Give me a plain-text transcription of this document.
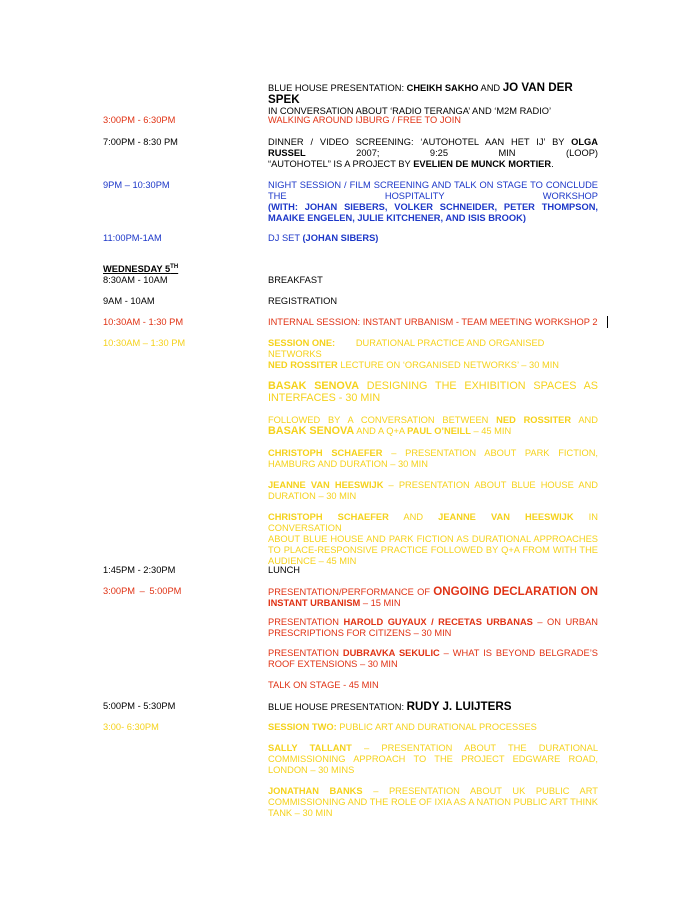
WEDNESDAY 5TH

BLUE HOUSE PRESENTATION: CHEIKH SAKHO AND JO VAN DER SPEK

IN CONVERSATION ABOUT ‘RADIO TERANGA’ AND ‘M2M RADIO’

3:00PM - 6:30PM	WALKING AROUND IJBURG / FREE TO JOIN

7:00PM - 8:30 PM	DINNER / VIDEO SCREENING: ‘AUTOHOTEL AAN HET IJ’ BY OLGA

RUSSEL 2007; 9:25 MIN (LOOP)

“AUTOHOTEL” IS A PROJECT BY EVELIEN DE MUNCK MORTIER.

9PM – 10:30PM	NIGHT SESSION / FILM SCREENING AND TALK ON STAGE TO CONCLUDE

THE HOSPITALITY WORKSHOP

(WITH: JOHAN SIEBERS, VOLKER SCHNEIDER, PETER THOMPSON,

MAAIKE ENGELEN, JULIE KITCHENER, AND ISIS BROOK)

11:00PM-1AM	DJ SET (JOHAN SIBERS)

8:30AM - 10AM	BREAKFAST

9AM - 10AM	REGISTRATION

10:30AM - 1:30 PM	INTERNAL SESSION: INSTANT URBANISM - TEAM MEETING WORKSHOP 2

10:30AM – 1:30 PM	SESSION ONE:        DURATIONAL PRACTICE AND ORGANISED NETWORKS

NED ROSSITER LECTURE ON ‘ORGANISED NETWORKS’ – 30 MIN

BASAK SENOVA DESIGNING THE EXHIBITION SPACES AS

INTERFACES - 30 MIN

FOLLOWED BY A CONVERSATION BETWEEN NED ROSSITER AND

BASAK SENOVA AND A Q+A PAUL O’NEILL – 45 MIN

CHRISTOPH SCHAEFER – PRESENTATION ABOUT PARK FICTION,

HAMBURG AND DURATION – 30 MIN

JEANNE VAN HEESWIJK – PRESENTATION ABOUT BLUE HOUSE AND

DURATION – 30 MIN

CHRISTOPH SCHAEFER AND JEANNE VAN HEESWIJK IN CONVERSATION

ABOUT BLUE HOUSE AND PARK FICTION AS DURATIONAL APPROACHES

TO PLACE-RESPONSIVE PRACTICE FOLLOWED BY Q+A FROM WITH THE

AUDIENCE – 45 MIN

1:45PM - 2:30PM	LUNCH

3:00PM – 5:00PM	PRESENTATION/PERFORMANCE OF ONGOING DECLARATION ON

INSTANT URBANISM – 15 MIN

PRESENTATION HAROLD GUYAUX / RECETAS URBANAS – ON URBAN

PRESCRIPTIONS FOR CITIZENS – 30 MIN

PRESENTATION DUBRAVKA SEKULIC – WHAT IS BEYOND BELGRADE’S

ROOF EXTENSIONS – 30 MIN

TALK ON STAGE - 45 MIN

5:00PM - 5:30PM	BLUE HOUSE PRESENTATION: RUDY J. LUIJTERS

3:00- 6:30PM	SESSION TWO: PUBLIC ART AND DURATIONAL PROCESSES

SALLY TALLANT – PRESENTATION ABOUT THE DURATIONAL

COMMISSIONING APPROACH TO THE PROJECT EDGWARE ROAD,

LONDON – 30 MINS

JONATHAN BANKS – PRESENTATION ABOUT UK PUBLIC ART

COMMISSIONING AND THE ROLE OF IXIA AS A NATION PUBLIC ART THINK

TANK – 30 MIN
